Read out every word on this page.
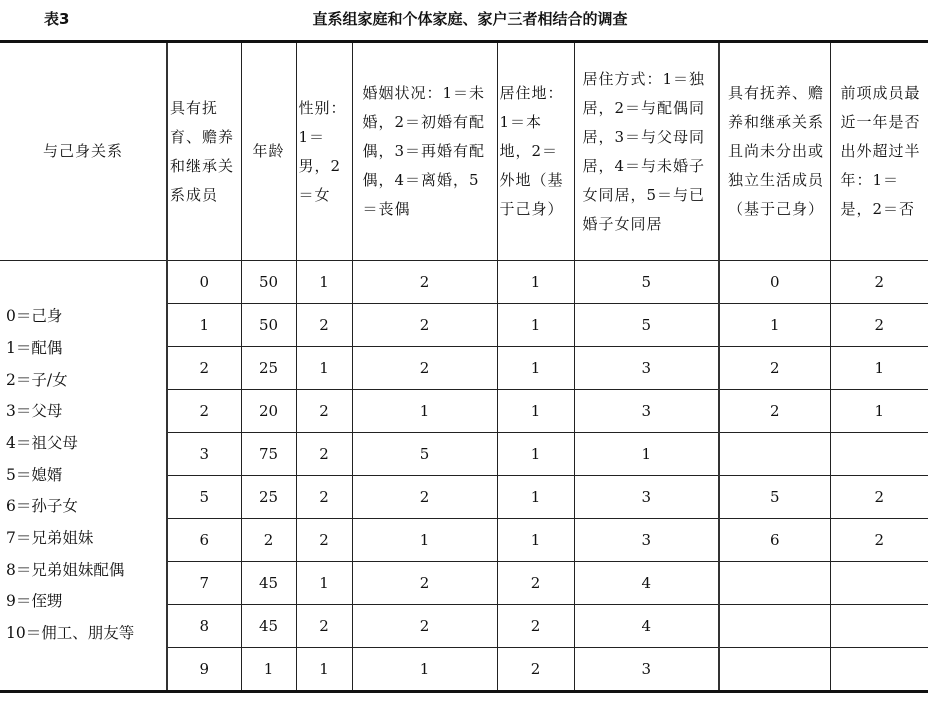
表3	直系组家庭和个体家庭、家户三者相结合的调查
与己身关系	具有抚育、赡养和继承关系成员	年龄	性别：1＝男，2＝女	婚姻状况：1＝未婚，2＝初婚有配偶，3＝再婚有配偶，4＝离婚，5＝丧偶	居住地：1＝本地，2＝外地（基于己身）	居住方式：1＝独居，2＝与配偶同居，3＝与父母同居，4＝与未婚子女同居，5＝与已婚子女同居	具有抚养、赡养和继承关系且尚未分出或独立生活成员（基于己身）	前项成员最近一年是否出外超过半年：1＝是，2＝否

0＝己身
1＝配偶
2＝子/女
3＝父母
4＝祖父母
5＝媳婿
6＝孙子女
7＝兄弟姐妹
8＝兄弟姐妹配偶
9＝侄甥
10＝佣工、朋友等
	0	50	1	2	1	5	0	2
	1	50	2	2	1	5	1	2
	2	25	1	2	1	3	2	1
	2	20	2	1	1	3	2	1
	3	75	2	5	1	1		
	5	25	2	2	1	3	5	2
	6	2	2	1	1	3	6	2
	7	45	1	2	2	4		
	8	45	2	2	2	4		
	9	1	1	1	2	3		
